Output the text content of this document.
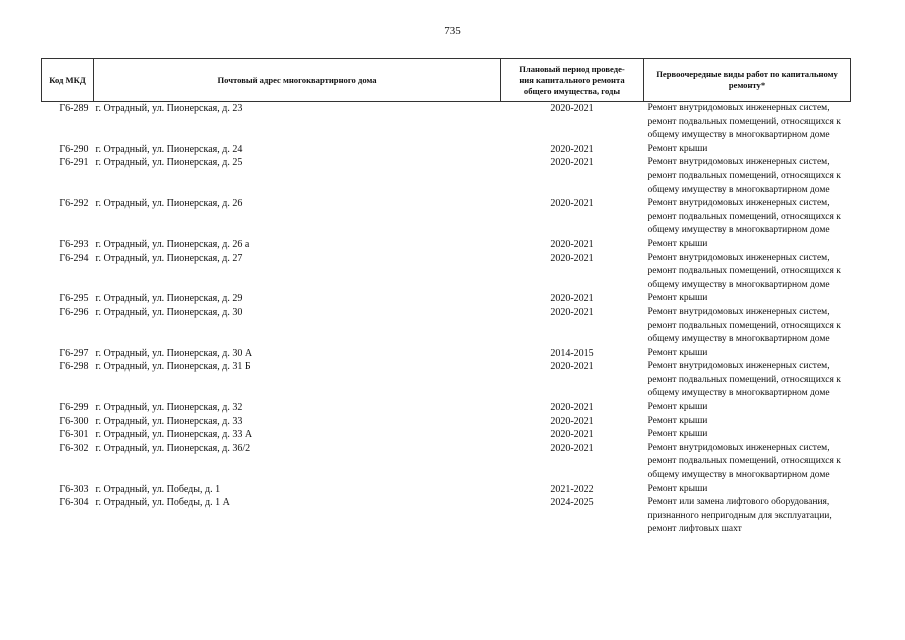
735
Код МКД	Почтовый адрес многоквартирного дома	Плановый период проведе-
ния капитального ремонта
общего имущества, годы	Первоочередные виды работ по капитальному
ремонту*

Г6-289	г. Отрадный, ул. Пионерская, д. 23	2020-2021	Ремонт внутридомовых инженерных систем,
ремонт подвальных помещений, относящихся к
общему имуществу в многоквартирном доме

Г6-290	г. Отрадный, ул. Пионерская, д. 24	2020-2021	Ремонт крыши

Г6-291	г. Отрадный, ул. Пионерская, д. 25	2020-2021	Ремонт внутридомовых инженерных систем,
ремонт подвальных помещений, относящихся к
общему имуществу в многоквартирном доме

Г6-292	г. Отрадный, ул. Пионерская, д. 26	2020-2021	Ремонт внутридомовых инженерных систем,
ремонт подвальных помещений, относящихся к
общему имуществу в многоквартирном доме

Г6-293	г. Отрадный, ул. Пионерская, д. 26 а	2020-2021	Ремонт крыши

Г6-294	г. Отрадный, ул. Пионерская, д. 27	2020-2021	Ремонт внутридомовых инженерных систем,
ремонт подвальных помещений, относящихся к
общему имуществу в многоквартирном доме

Г6-295	г. Отрадный, ул. Пионерская, д. 29	2020-2021	Ремонт крыши

Г6-296	г. Отрадный, ул. Пионерская, д. 30	2020-2021	Ремонт внутридомовых инженерных систем,
ремонт подвальных помещений, относящихся к
общему имуществу в многоквартирном доме

Г6-297	г. Отрадный, ул. Пионерская, д. 30 А	2014-2015	Ремонт крыши

Г6-298	г. Отрадный, ул. Пионерская, д. 31 Б	2020-2021	Ремонт внутридомовых инженерных систем,
ремонт подвальных помещений, относящихся к
общему имуществу в многоквартирном доме

Г6-299	г. Отрадный, ул. Пионерская, д. 32	2020-2021	Ремонт крыши

Г6-300	г. Отрадный, ул. Пионерская, д. 33	2020-2021	Ремонт крыши

Г6-301	г. Отрадный, ул. Пионерская, д. 33 А	2020-2021	Ремонт крыши

Г6-302	г. Отрадный, ул. Пионерская, д. 36/2	2020-2021	Ремонт внутридомовых инженерных систем,
ремонт подвальных помещений, относящихся к
общему имуществу в многоквартирном доме

Г6-303	г. Отрадный, ул. Победы, д. 1	2021-2022	Ремонт крыши

Г6-304	г. Отрадный, ул. Победы, д. 1 А	2024-2025	Ремонт или замена лифтового оборудования,
признанного непригодным для эксплуатации,
ремонт лифтовых шахт
